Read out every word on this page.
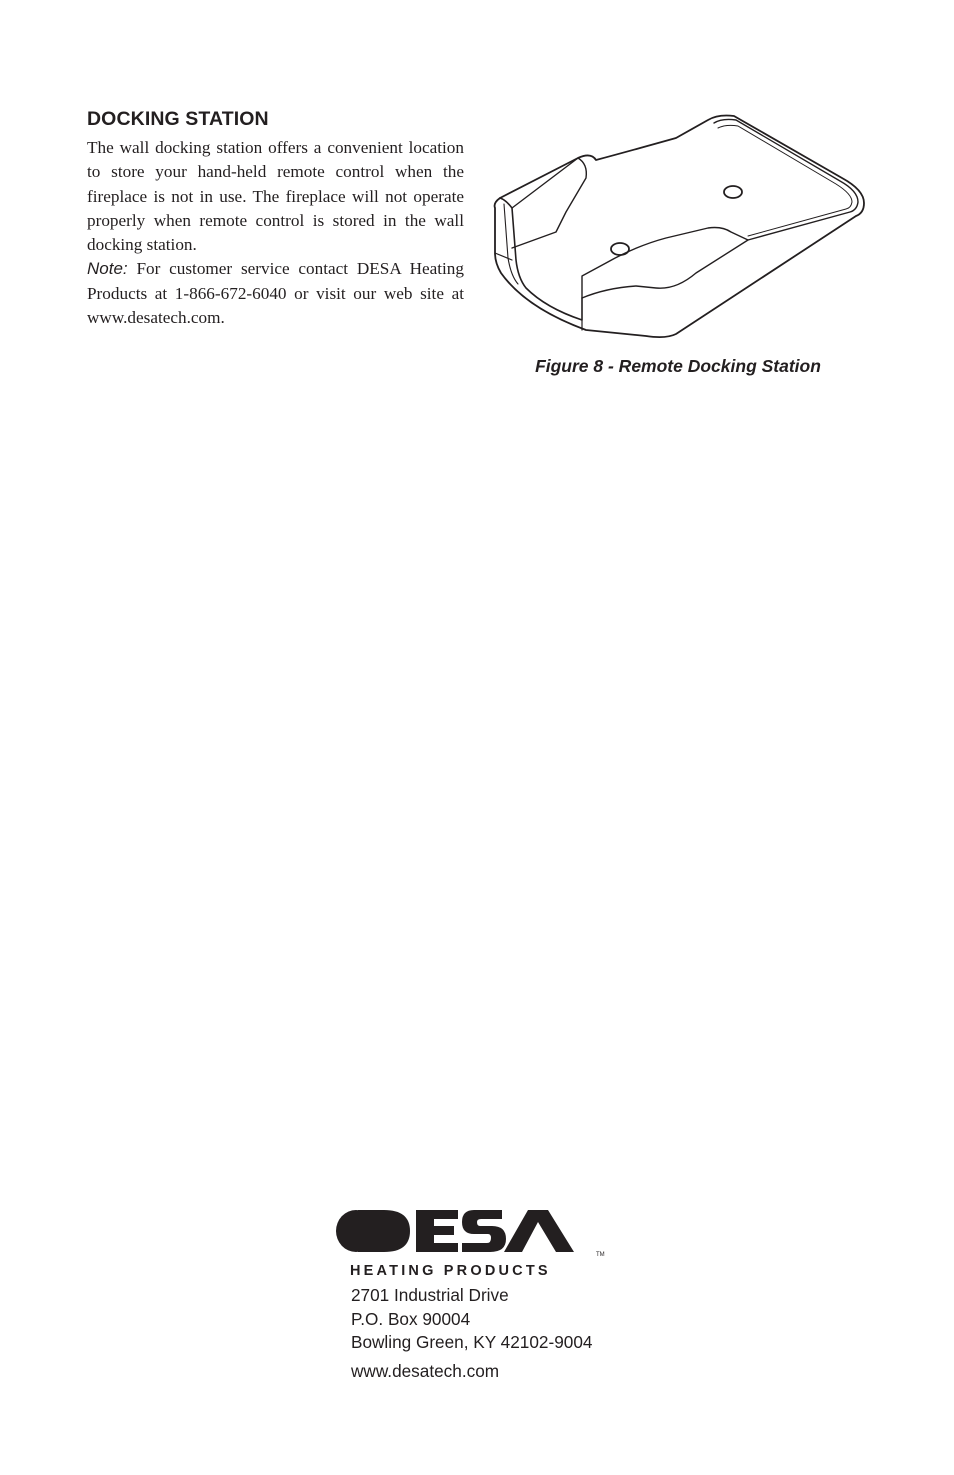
DOCKING STATION

The wall docking station offers a convenient location to store your hand-held remote control when the fireplace is not in use. The fireplace will not operate properly when remote control is stored in the wall docking station.

Note: For customer service contact DESA Heating Products at 1-866-672-6040 or visit our web site at www.desatech.com.

Figure 8 - Remote Docking Station
TM
HEATING PRODUCTS
2701 Industrial Drive
P.O. Box 90004
Bowling Green, KY 42102-9004
www.desatech.com
